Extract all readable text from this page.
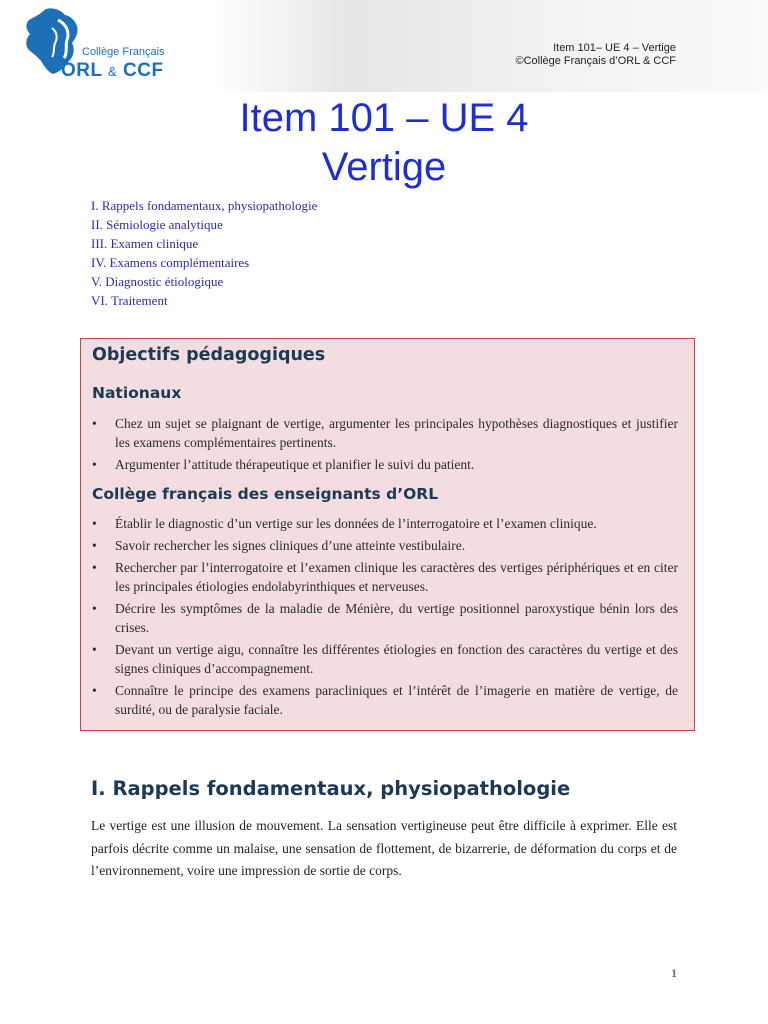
Collège Français
ORL & CCF
Item 101– UE 4 – Vertige
©Collège Français d’ORL & CCF
Item 101 – UE 4
Vertige
I. Rappels fondamentaux, physiopathologie
II. Sémiologie analytique
III. Examen clinique
IV. Examens complémentaires
V. Diagnostic étiologique
VI. Traitement
Objectifs pédagogiques
Nationaux
• Chez un sujet se plaignant de vertige, argumenter les principales hypothèses diagnostiques et justifier les examens complémentaires pertinents.
• Argumenter l’attitude thérapeutique et planifier le suivi du patient.
Collège français des enseignants d’ORL
• Établir le diagnostic d’un vertige sur les données de l’interrogatoire et l’examen clinique.
• Savoir rechercher les signes cliniques d’une atteinte vestibulaire.
• Rechercher par l’interrogatoire et l’examen clinique les caractères des vertiges périphériques et en citer les principales étiologies endolabyrinthiques et nerveuses.
• Décrire les symptômes de la maladie de Ménière, du vertige positionnel paroxystique bénin lors des crises.
• Devant un vertige aigu, connaître les différentes étiologies en fonction des caractères du vertige et des signes cliniques d’accompagnement.
• Connaître le principe des examens paracliniques et l’intérêt de l’imagerie en matière de vertige, de surdité, ou de paralysie faciale.
I. Rappels fondamentaux, physiopathologie

Le vertige est une illusion de mouvement. La sensation vertigineuse peut être difficile à exprimer. Elle est parfois décrite comme un malaise, une sensation de flottement, de bizarrerie, de déformation du corps et de l’environnement, voire une impression de sortie de corps.

1
